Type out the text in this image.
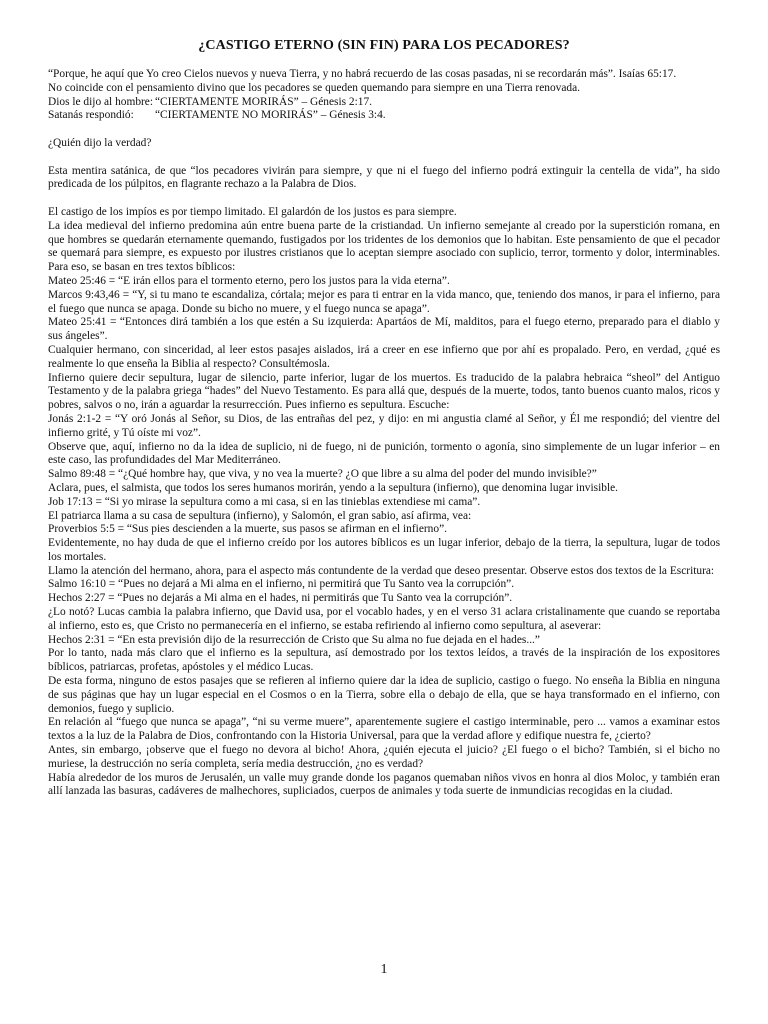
¿CASTIGO ETERNO (SIN FIN) PARA LOS PECADORES?

“Porque, he aquí que Yo creo Cielos nuevos y nueva Tierra, y no habrá recuerdo de las cosas pasadas, ni se recordarán más”. Isaías 65:17.

No coincide con el pensamiento divino que los pecadores se queden quemando para siempre en una Tierra renovada.

Dios le dijo al hombre: “CIERTAMENTE MORIRÁS” – Génesis 2:17.
Satanás respondió:	“CIERTAMENTE NO MORIRÁS” – Génesis 3:4.

¿Quién dijo la verdad?

Esta mentira satánica, de que “los pecadores vivirán para siempre, y que ni el fuego del infierno podrá extinguir la centella de vida”, ha sido predicada de los púlpitos, en flagrante rechazo a la Palabra de Dios.

El castigo de los impíos es por tiempo limitado. El galardón de los justos es para siempre.

La idea medieval del infierno predomina aún entre buena parte de la cristiandad. Un infierno semejante al creado por la superstición romana, en que hombres se quedarán eternamente quemando, fustigados por los tridentes de los demonios que lo habitan. Este pensamiento de que el pecador se quemará para siempre, es expuesto por ilustres cristianos que lo aceptan siempre asociado con suplicio, terror, tormento y dolor, interminables. Para eso, se basan en tres textos bíblicos:

Mateo 25:46 = “E irán ellos para el tormento eterno, pero los justos para la vida eterna”.

Marcos 9:43,46 = “Y, si tu mano te escandaliza, córtala; mejor es para ti entrar en la vida manco, que, teniendo dos manos, ir para el infierno, para el fuego que nunca se apaga. Donde su bicho no muere, y el fuego nunca se apaga”.

Mateo 25:41 = “Entonces dirá también a los que estén a Su izquierda: Apartáos de Mí, malditos, para el fuego eterno, preparado para el diablo y sus ángeles”.

Cualquier hermano, con sinceridad, al leer estos pasajes aislados, irá a creer en ese infierno que por ahí es propalado. Pero, en verdad, ¿qué es realmente lo que enseña la Biblia al respecto? Consultémosla.

Infierno quiere decir sepultura, lugar de silencio, parte inferior, lugar de los muertos. Es traducido de la palabra hebraica “sheol” del Antiguo Testamento y de la palabra griega “hades” del Nuevo Testamento. Es para allá que, después de la muerte, todos, tanto buenos cuanto malos, ricos y pobres, salvos o no, irán a aguardar la resurrección. Pues infierno es sepultura. Escuche:

Jonás 2:1-2 = “Y oró Jonás al Señor, su Dios, de las entrañas del pez, y dijo: en mi angustia clamé al Señor, y Él me respondió; del vientre del infierno grité, y Tú oíste mi voz”.

Observe que, aquí, infierno no da la idea de suplicio, ni de fuego, ni de punición, tormento o agonía, sino simplemente de un lugar inferior – en este caso, las profundidades del Mar Mediterráneo.

Salmo 89:48 = “¿Qué hombre hay, que viva, y no vea la muerte? ¿O que libre a su alma del poder del mundo invisible?”

Aclara, pues, el salmista, que todos los seres humanos morirán, yendo a la sepultura (infierno), que denomina lugar invisible.

Job 17:13 = “Si yo mirase la sepultura como a mi casa, si en las tinieblas extendiese mi cama”.

El patriarca llama a su casa de sepultura (infierno), y Salomón, el gran sabio, así afirma, vea:

Proverbios 5:5 = “Sus pies descienden a la muerte, sus pasos se afirman en el infierno”.

Evidentemente, no hay duda de que el infierno creído por los autores bíblicos es un lugar inferior, debajo de la tierra, la sepultura, lugar de todos los mortales.

Llamo la atención del hermano, ahora, para el aspecto más contundente de la verdad que deseo presentar. Observe estos dos textos de la Escritura:

Salmo 16:10 = “Pues no dejará a Mi alma en el infierno, ni permitirá que Tu Santo vea la corrupción”.

Hechos 2:27 = “Pues no dejarás a Mi alma en el hades, ni permitirás que Tu Santo vea la corrupción”.

¿Lo notó? Lucas cambia la palabra infierno, que David usa, por el vocablo hades, y en el verso 31 aclara cristalinamente que cuando se reportaba al infierno, esto es, que Cristo no permanecería en el infierno, se estaba refiriendo al infierno como sepultura, al aseverar:

Hechos 2:31 = “En esta previsión dijo de la resurrección de Cristo que Su alma no fue dejada en el hades...”

Por lo tanto, nada más claro que el infierno es la sepultura, así demostrado por los textos leídos, a través de la inspiración de los expositores bíblicos, patriarcas, profetas, apóstoles y el médico Lucas.

De esta forma, ninguno de estos pasajes que se refieren al infierno quiere dar la idea de suplicio, castigo o fuego. No enseña la Biblia en ninguna de sus páginas que hay un lugar especial en el Cosmos o en la Tierra, sobre ella o debajo de ella, que se haya transformado en el infierno, con demonios, fuego y suplicio.

En relación al “fuego que nunca se apaga”, “ni su verme muere”, aparentemente sugiere el castigo interminable, pero ... vamos a examinar estos textos a la luz de la Palabra de Dios, confrontando con la Historia Universal, para que la verdad aflore y edifique nuestra fe, ¿cierto?

Antes, sin embargo, ¡observe que el fuego no devora al bicho! Ahora, ¿quién ejecuta el juicio? ¿El fuego o el bicho? También, si el bicho no muriese, la destrucción no sería completa, sería media destrucción, ¿no es verdad?

Había alrededor de los muros de Jerusalén, un valle muy grande donde los paganos quemaban niños vivos en honra al dios Moloc, y también eran allí lanzada las basuras, cadáveres de malhechores, supliciados, cuerpos de animales y toda suerte de inmundicias recogidas en la ciudad.

1
